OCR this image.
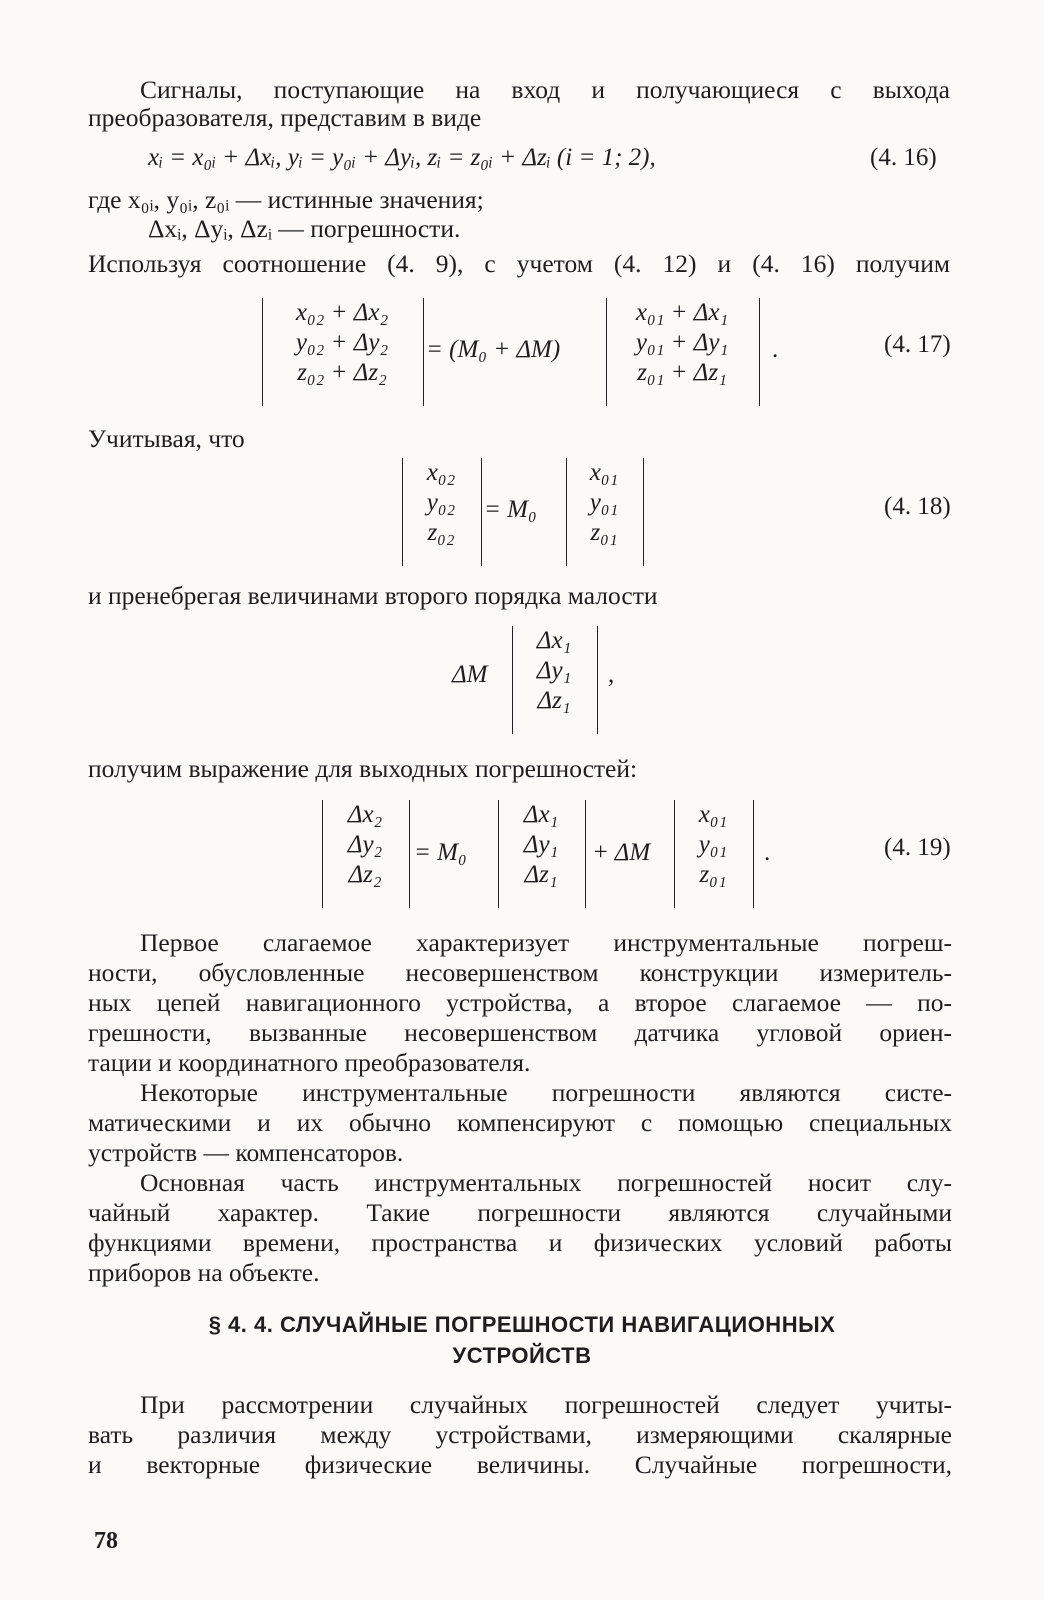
Сигналы, поступающие на вход и получающиеся с выхода

преобразователя, представим в виде

xᵢ = x₀ᵢ + Δxᵢ, yᵢ = y₀ᵢ + Δyᵢ, zᵢ = z₀ᵢ + Δzᵢ (i = 1; 2),	(4. 16)

где x₀ᵢ, y₀ᵢ, z₀ᵢ — истинные значения;

Δxᵢ, Δyᵢ, Δzᵢ — погрешности.

Используя соотношение (4. 9), с учетом (4. 12) и (4. 16) получим

x₀₂ + Δx₂
y₀₂ + Δy₂
z₀₂ + Δz₂
= (M₀ + ΔM)
x₀₁ + Δx₁
y₀₁ + Δy₁
z₀₁ + Δz₁
.	(4. 17)

Учитывая, что

x₀₂
y₀₂
z₀₂
= M₀
x₀₁
y₀₁
z₀₁
(4. 18)

и пренебрегая величинами второго порядка малости

ΔM
Δx₁
Δy₁
Δz₁
,

получим выражение для выходных погрешностей:

Δx₂
Δy₂
Δz₂
= M₀
Δx₁
Δy₁
Δz₁
+ ΔM
x₀₁
y₀₁
z₀₁
.	(4. 19)

Первое слагаемое характеризует инструментальные погреш-

ности, обусловленные несовершенством конструкции измеритель-

ных цепей навигационного устройства, а второе слагаемое — по-

грешности, вызванные несовершенством датчика угловой ориен-

тации и координатного преобразователя.

Некоторые инструментальные погрешности являются систе-

матическими и их обычно компенсируют с помощью специальных

устройств — компенсаторов.

Основная часть инструментальных погрешностей носит слу-

чайный характер. Такие погрешности являются случайными

функциями времени, пространства и физических условий работы

приборов на объекте.

§ 4. 4. СЛУЧАЙНЫЕ ПОГРЕШНОСТИ НАВИГАЦИОННЫХ
УСТРОЙСТВ

При рассмотрении случайных погрешностей следует учиты-

вать различия между устройствами, измеряющими скалярные

и векторные физические величины. Случайные погрешности,

78
